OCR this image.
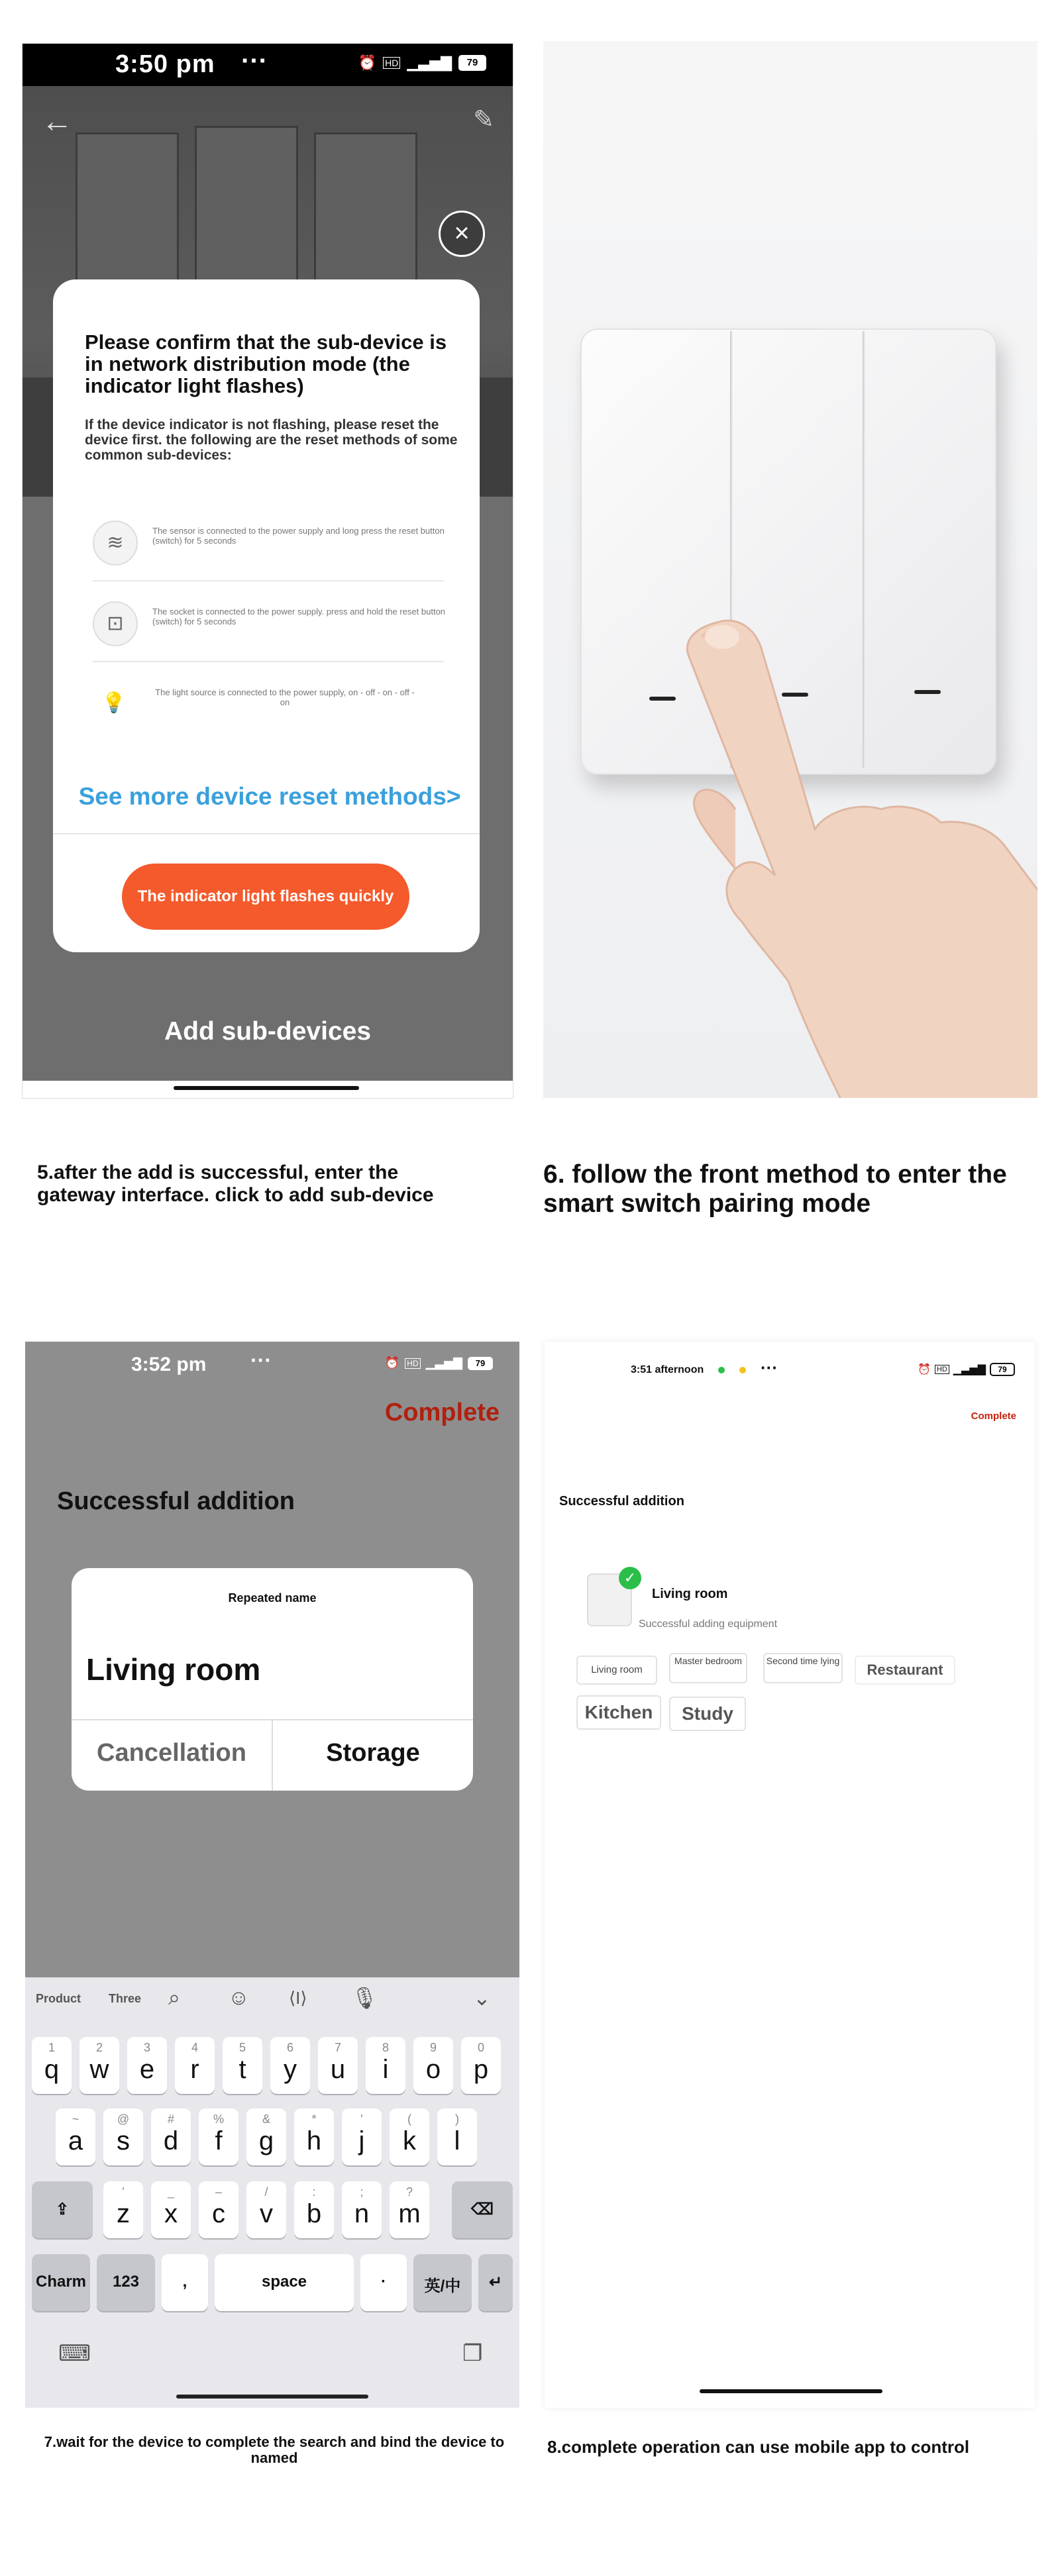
3:50 pm ···	⏰ HD ▁▃▅▇	79
←	✎
×
Please confirm that the sub-device is in network distribution mode (the indicator light flashes)
If the device indicator is not flashing, please reset the device first. the following are the reset methods of some common sub-devices:
≋
The sensor is connected to the power supply and long press the reset button (switch) for 5 seconds
⊡
The socket is connected to the power supply. press and hold the reset button (switch) for 5 seconds
💡	The light source is connected to the power supply, on - off - on - off - on
See more device reset methods>
The indicator light flashes quickly
Add sub-devices
5.after the add is successful, enter the gateway interface. click to add sub-device
6. follow the front method to enter the smart switch pairing mode
7.wait for the device to complete the search and bind the device to named
8.complete operation can use mobile app to control
3:52 pm ···	⏰ HD ▁▃▅▇	79
Complete
Successful addition
Repeated name
Living room
Cancellation	Storage
Product Three ⌕ ☺ ⟨I⟩ 🎙	⌄
1
q
2
w
3
e
4
r
5
t
6
y
7
u
8
i
9
o
0
p
~
a
@
s
#
d
%
f
&
g
*
h
'
j
(
k
)
l
'
z
_
x
–
c
/
v
:
b
;
n
?
m
⇪	⌫
Charm	123	,	space	·	英/中	↵
⌨	❐
3:51 afternoon	···	⏰ HD ▁▃▅▇	79
Complete
Successful addition
✓
Living room
Successful adding equipment
Living room
Master bedroom	Second time lying
Restaurant
Kitchen	Study
